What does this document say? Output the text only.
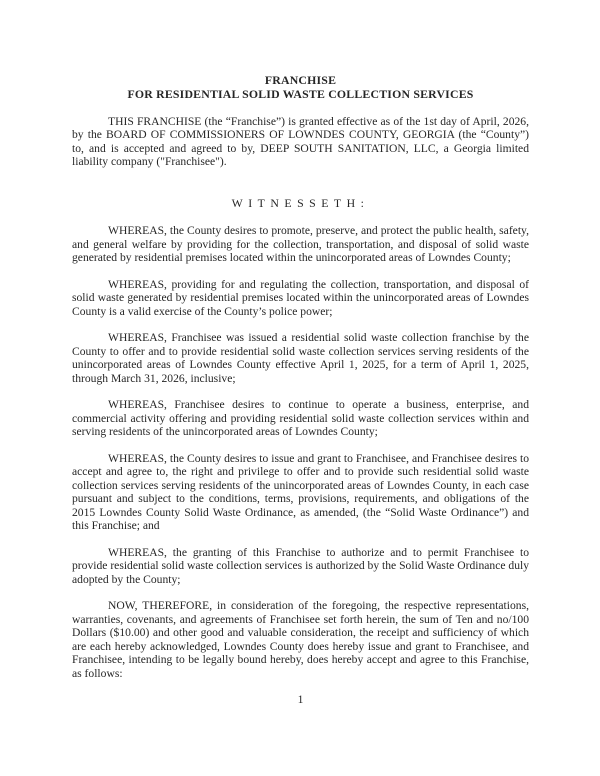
FRANCHISE
FOR RESIDENTIAL SOLID WASTE COLLECTION SERVICES

THIS FRANCHISE (the “Franchise”) is granted effective as of the 1st day of April, 2026, by the BOARD OF COMMISSIONERS OF LOWNDES COUNTY, GEORGIA (the “County”) to, and is accepted and agreed to by, DEEP SOUTH SANITATION, LLC, a Georgia limited liability company ("Franchisee").

WITNESSETH:

WHEREAS, the County desires to promote, preserve, and protect the public health, safety, and general welfare by providing for the collection, transportation, and disposal of solid waste generated by residential premises located within the unincorporated areas of Lowndes County;

WHEREAS, providing for and regulating the collection, transportation, and disposal of solid waste generated by residential premises located within the unincorporated areas of Lowndes County is a valid exercise of the County’s police power;

WHEREAS, Franchisee was issued a residential solid waste collection franchise by the County to offer and to provide residential solid waste collection services serving residents of the unincorporated areas of Lowndes County effective April 1, 2025, for a term of April 1, 2025, through March 31, 2026, inclusive;

WHEREAS, Franchisee desires to continue to operate a business, enterprise, and commercial activity offering and providing residential solid waste collection services within and serving residents of the unincorporated areas of Lowndes County;

WHEREAS, the County desires to issue and grant to Franchisee, and Franchisee desires to accept and agree to, the right and privilege to offer and to provide such residential solid waste collection services serving residents of the unincorporated areas of Lowndes County, in each case pursuant and subject to the conditions, terms, provisions, requirements, and obligations of the 2015 Lowndes County Solid Waste Ordinance, as amended, (the “Solid Waste Ordinance”) and this Franchise; and

WHEREAS, the granting of this Franchise to authorize and to permit Franchisee to provide residential solid waste collection services is authorized by the Solid Waste Ordinance duly adopted by the County;

NOW, THEREFORE, in consideration of the foregoing, the respective representations, warranties, covenants, and agreements of Franchisee set forth herein, the sum of Ten and no/100 Dollars ($10.00) and other good and valuable consideration, the receipt and sufficiency of which are each hereby acknowledged, Lowndes County does hereby issue and grant to Franchisee, and Franchisee, intending to be legally bound hereby, does hereby accept and agree to this Franchise, as follows:

1
